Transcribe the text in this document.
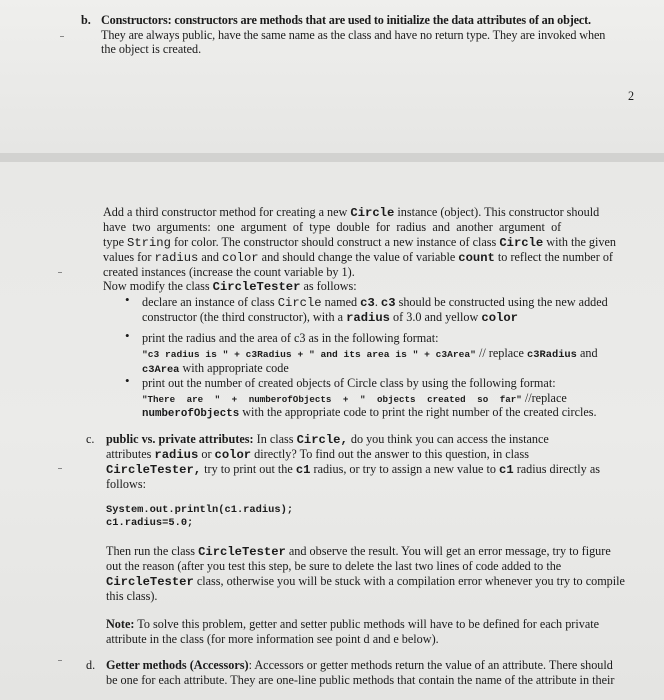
b. Constructors: constructors are methods that are used to initialize the data attributes of an object.
They are always public, have the same name as the class and have no return type. They are invoked when
the object is created.
2
Add a third constructor method for creating a new Circle instance (object). This constructor should
have two arguments: one argument of type double for radius and another argument of
type String for color. The constructor should construct a new instance of class Circle with the given
values for radius and color and should change the value of variable count to reflect the number of
created instances (increase the count variable by 1).
Now modify the class CircleTester as follows:
• declare an instance of class Circle named c3. c3 should be constructed using the new added
constructor (the third constructor), with a radius of 3.0 and yellow color
• print the radius and the area of c3 as in the following format:
"c3 radius is " + c3Radius + " and its area is " + c3Area" // replace c3Radius and
c3Area with appropriate code
• print out the number of created objects of Circle class by using the following format:
"There are " + numberofObjects + " objects created so far" //replace
numberofObjects with the appropriate code to print the right number of the created circles.
c. public vs. private attributes: In class Circle, do you think you can access the instance
attributes radius or color directly? To find out the answer to this question, in class
CircleTester, try to print out the c1 radius, or try to assign a new value to c1 radius directly as
follows:
System.out.println(c1.radius);
c1.radius=5.0;
Then run the class CircleTester and observe the result. You will get an error message, try to figure
out the reason (after you test this step, be sure to delete the last two lines of code added to the
CircleTester class, otherwise you will be stuck with a compilation error whenever you try to compile
this class).
Note: To solve this problem, getter and setter public methods will have to be defined for each private
attribute in the class (for more information see point d and e below).
d. Getter methods (Accessors): Accessors or getter methods return the value of an attribute. There should
be one for each attribute. They are one-line public methods that contain the name of the attribute in their
